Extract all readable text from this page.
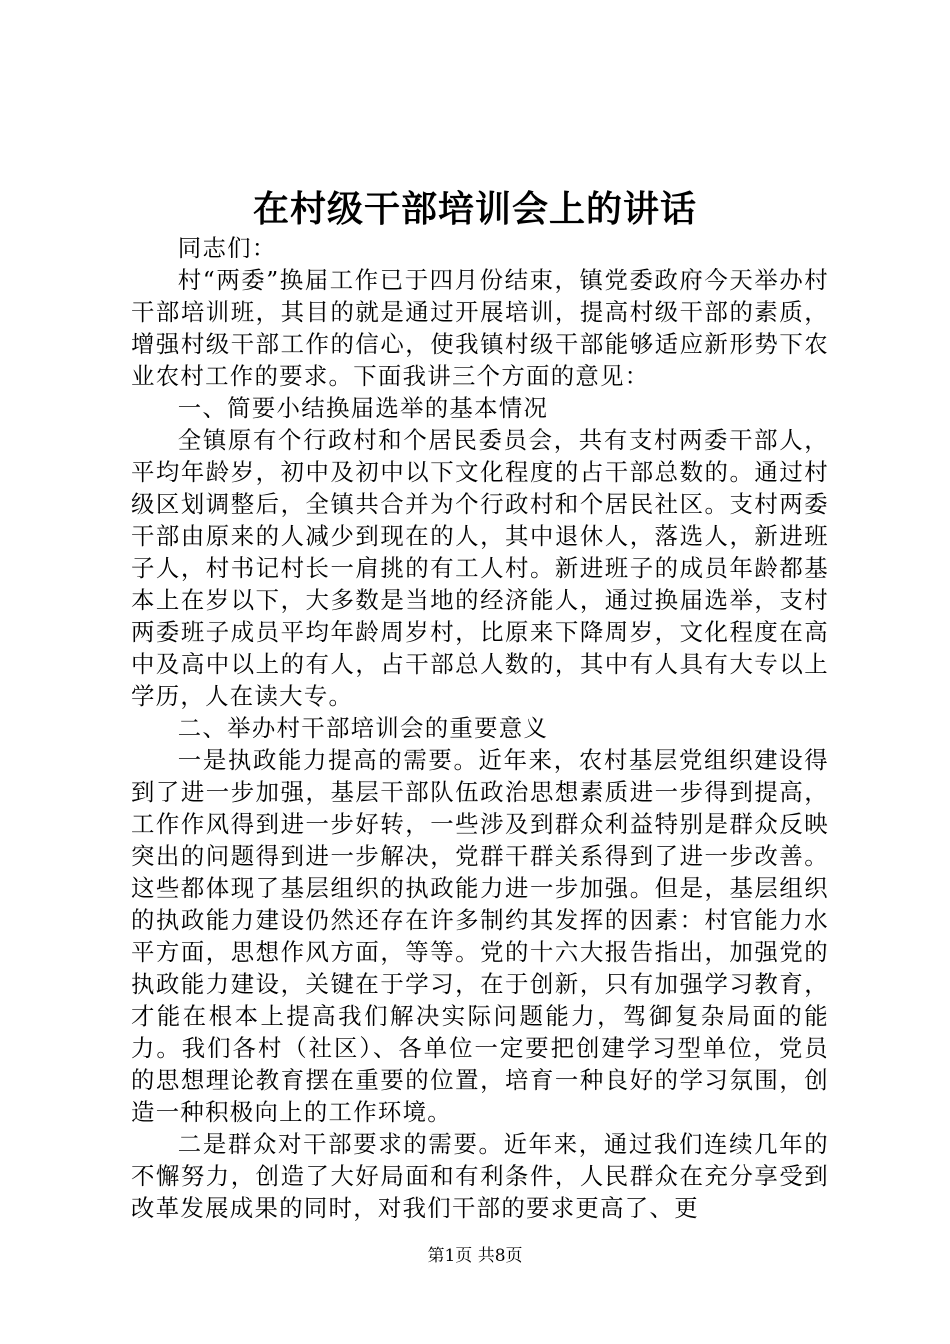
在村级干部培训会上的讲话

同志们：

村“两委”换届工作已于四月份结束，镇党委政府今天举办村干部培训班，其目的就是通过开展培训，提高村级干部的素质，增强村级干部工作的信心，使我镇村级干部能够适应新形势下农业农村工作的要求。下面我讲三个方面的意见：

一、简要小结换届选举的基本情况

全镇原有个行政村和个居民委员会，共有支村两委干部人，平均年龄岁，初中及初中以下文化程度的占干部总数的。通过村级区划调整后，全镇共合并为个行政村和个居民社区。支村两委干部由原来的人减少到现在的人，其中退休人，落选人，新进班子人，村书记村长一肩挑的有工人村。新进班子的成员年龄都基本上在岁以下，大多数是当地的经济能人，通过换届选举，支村两委班子成员平均年龄周岁村，比原来下降周岁，文化程度在高中及高中以上的有人，占干部总人数的，其中有人具有大专以上学历，人在读大专。

二、举办村干部培训会的重要意义

一是执政能力提高的需要。近年来，农村基层党组织建设得到了进一步加强，基层干部队伍政治思想素质进一步得到提高，工作作风得到进一步好转，一些涉及到群众利益特别是群众反映突出的问题得到进一步解决，党群干群关系得到了进一步改善。这些都体现了基层组织的执政能力进一步加强。但是，基层组织的执政能力建设仍然还存在许多制约其发挥的因素：村官能力水平方面，思想作风方面，等等。党的十六大报告指出，加强党的执政能力建设，关键在于学习，在于创新，只有加强学习教育，才能在根本上提高我们解决实际问题能力，驾御复杂局面的能力。我们各村（社区）、各单位一定要把创建学习型单位，党员的思想理论教育摆在重要的位置，培育一种良好的学习氛围，创造一种积极向上的工作环境。

二是群众对干部要求的需要。近年来，通过我们连续几年的不懈努力，创造了大好局面和有利条件，人民群众在充分享受到改革发展成果的同时，对我们干部的要求更高了、更

第1页 共8页
